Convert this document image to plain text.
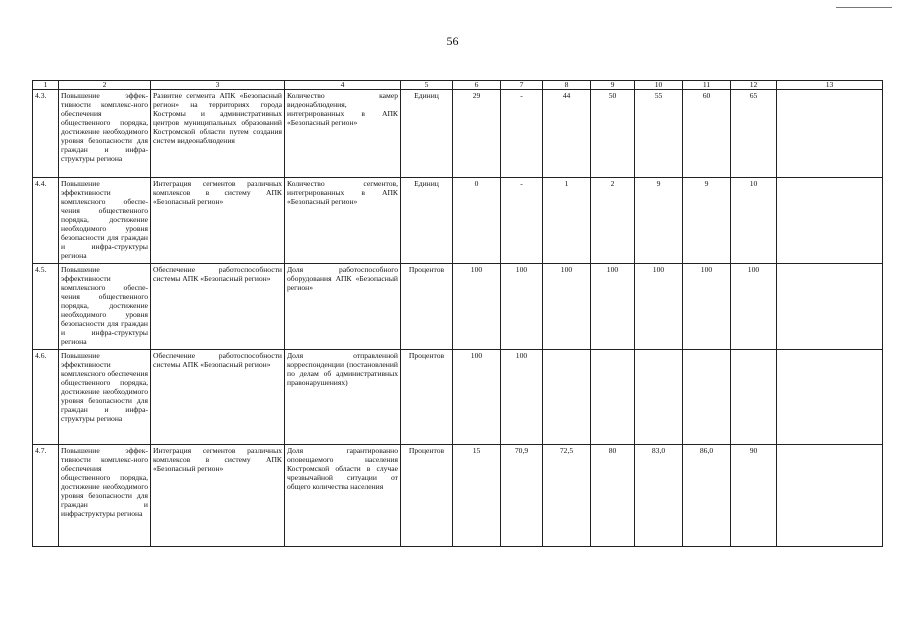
56
1	2	3	4	5	6	7	8	9	10	11	12	13
4.3.	Повышение эффек-тивности комплекс-ного обеспечения общественного порядка, достижение необходимого уровня безопасности для граждан и инфра-структуры региона	Развитие сегмента АПК «Безопасный регион» на территориях города Костромы и административных центров муниципальных образований Костромской области путем создания систем видеонаблюдения	Количество камер видеонаблюдения, интегрированных в АПК «Безопасный регион»	Единиц	29	-	44	50	55	60	65	
4.4.	Повышение эффективности комплексного обеспе-чения общественного порядка, достижение необходимого уровня безопасности для граждан и инфра-структуры региона	Интеграция сегментов различных комплексов в систему АПК «Безопасный регион»	Количество сегментов, интегрированных в АПК «Безопасный регион»	Единиц	0	-	1	2	9	9	10	
4.5.	Повышение эффективности комплексного обеспе-чения общественного порядка, достижение необходимого уровня безопасности для граждан и инфра-структуры региона	Обеспечение работоспособности системы АПК «Безопасный регион»	Доля работоспособного оборудования АПК «Безопасный регион»	Процентов	100	100	100	100	100	100	100	
4.6.	Повышение эффективности комплексного обеспечения общественного порядка, достижение необходимого уровня безопасности для граждан и инфра-структуры региона	Обеспечение работоспособности системы АПК «Безопасный регион»	Доля отправленной корреспонденции (постановлений по делам об административных правонарушениях)	Процентов	100	100						
4.7.	Повышение эффек-тивности комплекс-ного обеспечения общественного порядка, достижение необходимого уровня безопасности для граждан и инфраструктуры региона	Интеграция сегментов различных комплексов в систему АПК «Безопасный регион»	Доля гарантированно оповещаемого населения Костромской области в случае чрезвычайной ситуации от общего количества населения	Процентов	15	70,9	72,5	80	83,0	86,0	90	
